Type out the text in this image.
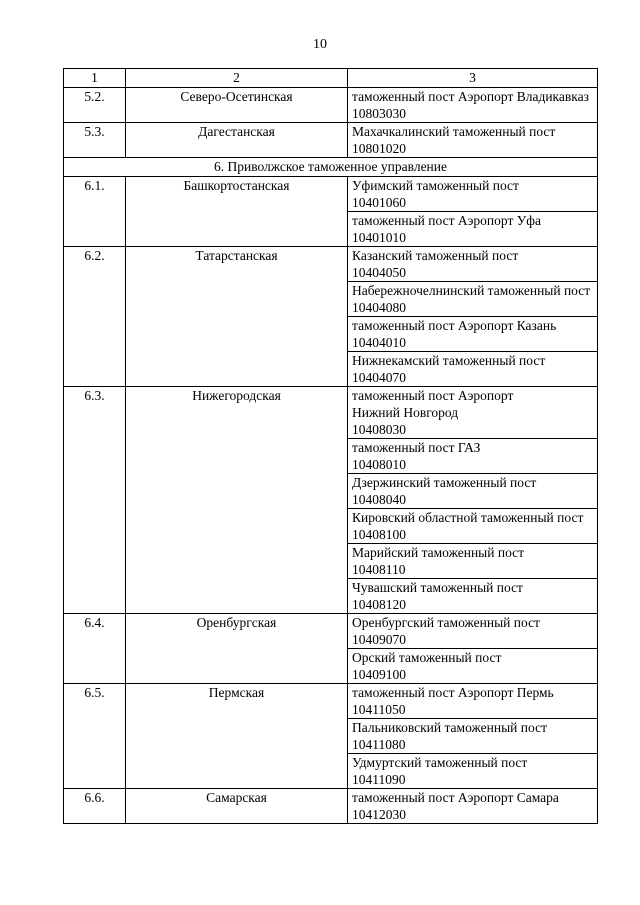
10
1	2	3
5.2.	Северо-Осетинская	таможенный пост Аэропорт Владикавказ
10803030

5.3.	Дагестанская	Махачкалинский таможенный пост
10801020

6. Приволжское таможенное управление		
6.1.	Башкортостанская	Уфимский таможенный пост
10401060

		таможенный пост Аэропорт Уфа
10401010

6.2.	Татарстанская	Казанский таможенный пост
10404050

		Набережночелнинский таможенный пост
10404080

		таможенный пост Аэропорт Казань
10404010

		Нижнекамский таможенный пост
10404070

6.3.	Нижегородская	таможенный пост Аэропорт
Нижний Новгород
10408030

		таможенный пост ГАЗ
10408010

		Дзержинский таможенный пост
10408040

		Кировский областной таможенный пост
10408100

		Марийский таможенный пост
10408110

		Чувашский таможенный пост
10408120

6.4.	Оренбургская	Оренбургский таможенный пост
10409070

		Орский таможенный пост
10409100

6.5.	Пермская	таможенный пост Аэропорт Пермь
10411050

		Пальниковский таможенный пост
10411080

		Удмуртский таможенный пост
10411090

6.6.	Самарская	таможенный пост Аэропорт Самара
10412030
